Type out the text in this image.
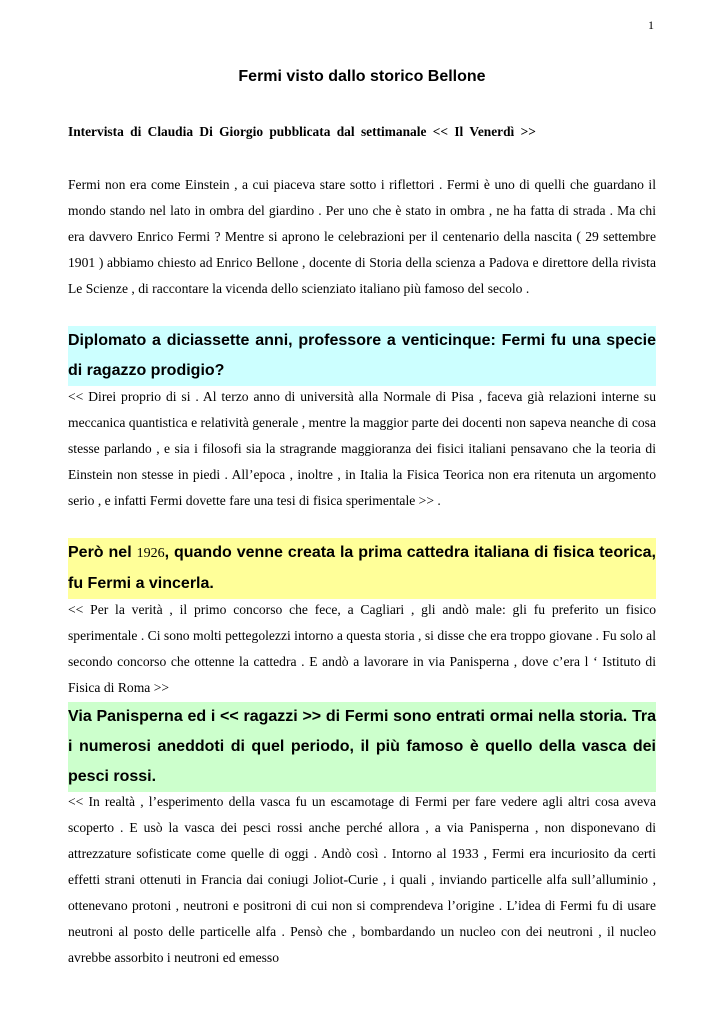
1
Fermi visto dallo storico Bellone
Intervista di Claudia Di Giorgio pubblicata dal settimanale << Il Venerdì >>
Fermi non era come Einstein , a cui piaceva stare sotto i riflettori . Fermi è uno di quelli che guardano il mondo stando nel lato in ombra del giardino . Per uno che è stato in ombra , ne ha fatta di strada . Ma chi era davvero Enrico Fermi ? Mentre si aprono le celebrazioni per il centenario della nascita ( 29 settembre 1901 ) abbiamo chiesto ad Enrico Bellone , docente di Storia della scienza a Padova e direttore della rivista Le Scienze , di raccontare la vicenda dello scienziato italiano più famoso del secolo .
Diplomato a diciassette anni, professore a venticinque: Fermi fu una specie di ragazzo prodigio?
<< Direi proprio di si . Al terzo anno di università alla Normale di Pisa , faceva già relazioni interne su meccanica quantistica e relatività generale , mentre la maggior parte dei docenti non sapeva neanche di cosa stesse parlando , e sia i filosofi sia la stragrande maggioranza dei fisici italiani pensavano che la teoria di Einstein non stesse in piedi . All’epoca , inoltre , in Italia la Fisica Teorica non era ritenuta un argomento serio , e infatti Fermi dovette fare una tesi di fisica sperimentale >> .
Però nel 1926, quando venne creata la prima cattedra italiana di fisica teorica, fu Fermi a vincerla.
<< Per la verità , il primo concorso che fece, a Cagliari , gli andò male: gli fu preferito un fisico sperimentale . Ci sono molti pettegolezzi intorno a questa storia , si disse che era troppo giovane . Fu solo al secondo concorso che ottenne la cattedra . E andò a lavorare in via Panisperna , dove c’era l ‘ Istituto di Fisica di Roma >>
Via Panisperna ed i << ragazzi >> di Fermi sono entrati ormai nella storia. Tra i numerosi aneddoti di quel periodo, il più famoso è quello della vasca dei pesci rossi.
<< In realtà , l’esperimento della vasca fu un escamotage di Fermi per fare vedere agli altri cosa aveva scoperto . E usò la vasca dei pesci rossi anche perché allora , a via Panisperna , non disponevano di attrezzature sofisticate come quelle di oggi . Andò così . Intorno al 1933 , Fermi era incuriosito da certi effetti strani ottenuti in Francia dai coniugi Joliot-Curie , i quali , inviando particelle alfa sull’alluminio , ottenevano protoni , neutroni e positroni di cui non si comprendeva l’origine . L’idea di Fermi fu di usare neutroni al posto delle particelle alfa . Pensò che , bombardando un nucleo con dei neutroni , il nucleo avrebbe assorbito i neutroni ed emesso
